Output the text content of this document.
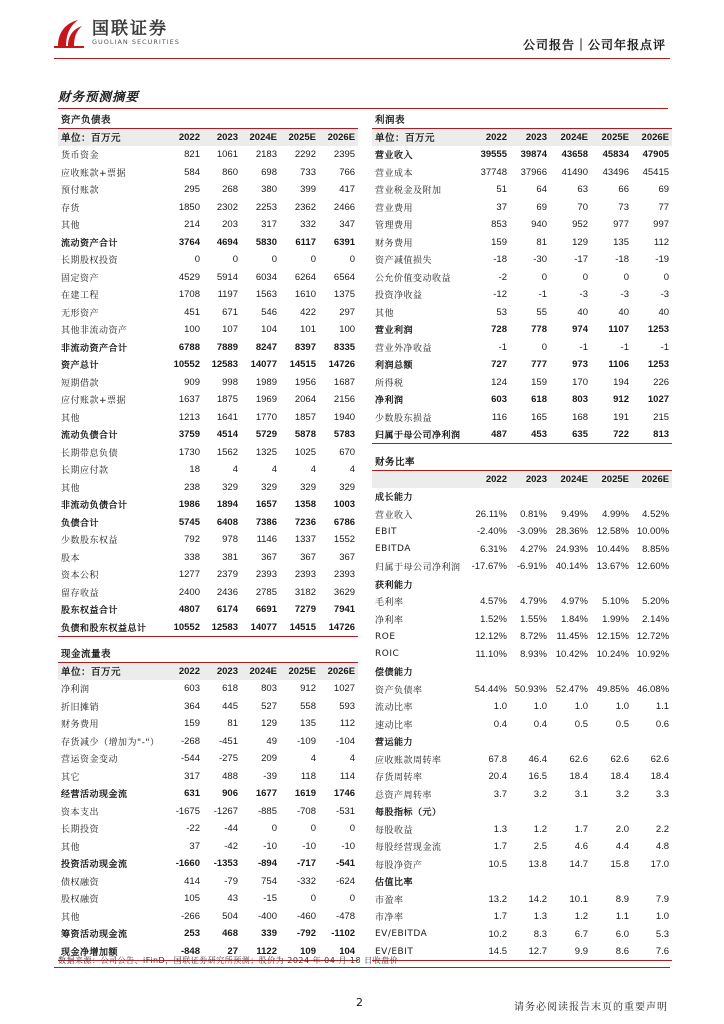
国联证券
GUOLIAN SECURITIES	公司报告｜公司年报点评
财务预测摘要
资产负债表					
单位：百万元	2022	2023	2024E	2025E	2026E
货币资金	821	1061	2183	2292	2395
应收账款+票据	584	860	698	733	766
预付账款	295	268	380	399	417
存货	1850	2302	2253	2362	2466
其他	214	203	317	332	347
流动资产合计	3764	4694	5830	6117	6391
长期股权投资	0	0	0	0	0
固定资产	4529	5914	6034	6264	6564
在建工程	1708	1197	1563	1610	1375
无形资产	451	671	546	422	297
其他非流动资产	100	107	104	101	100
非流动资产合计	6788	7889	8247	8397	8335
资产总计	10552	12583	14077	14515	14726
短期借款	909	998	1989	1956	1687
应付账款+票据	1637	1875	1969	2064	2156
其他	1213	1641	1770	1857	1940
流动负债合计	3759	4514	5729	5878	5783
长期带息负债	1730	1562	1325	1025	670
长期应付款	18	4	4	4	4
其他	238	329	329	329	329
非流动负债合计	1986	1894	1657	1358	1003
负债合计	5745	6408	7386	7236	6786
少数股东权益	792	978	1146	1337	1552
股本	338	381	367	367	367
资本公积	1277	2379	2393	2393	2393
留存收益	2400	2436	2785	3182	3629
股东权益合计	4807	6174	6691	7279	7941
负债和股东权益总计	10552	12583	14077	14515	14726
现金流量表					
单位：百万元	2022	2023	2024E	2025E	2026E
净利润	603	618	803	912	1027
折旧摊销	364	445	527	558	593
财务费用	159	81	129	135	112
存货减少（增加为"-"）	-268	-451	49	-109	-104
营运资金变动	-544	-275	209	4	4
其它	317	488	-39	118	114
经营活动现金流	631	906	1677	1619	1746
资本支出	-1675	-1267	-885	-708	-531
长期投资	-22	-44	0	0	0
其他	37	-42	-10	-10	-10
投资活动现金流	-1660	-1353	-894	-717	-541
债权融资	414	-79	754	-332	-624
股权融资	105	43	-15	0	0
其他	-266	504	-400	-460	-478
筹资活动现金流	253	468	339	-792	-1102
现金净增加额	-848	27	1122	109	104
利润表					
单位：百万元	2022	2023	2024E	2025E	2026E
营业收入	39555	39874	43658	45834	47905
营业成本	37748	37966	41490	43496	45415
营业税金及附加	51	64	63	66	69
营业费用	37	69	70	73	77
管理费用	853	940	952	977	997
财务费用	159	81	129	135	112
资产减值损失	-18	-30	-17	-18	-19
公允价值变动收益	-2	0	0	0	0
投资净收益	-12	-1	-3	-3	-3
其他	53	55	40	40	40
营业利润	728	778	974	1107	1253
营业外净收益	-1	0	-1	-1	-1
利润总额	727	777	973	1106	1253
所得税	124	159	170	194	226
净利润	603	618	803	912	1027
少数股东损益	116	165	168	191	215
归属于母公司净利润	487	453	635	722	813
财务比率					
	2022	2023	2024E	2025E	2026E
成长能力					
营业收入	26.11%	0.81%	9.49%	4.99%	4.52%
EBIT	-2.40%	-3.09%	28.36%	12.58%	10.00%
EBITDA	6.31%	4.27%	24.93%	10.44%	8.85%
归属于母公司净利润	-17.67%	-6.91%	40.14%	13.67%	12.60%
获利能力					
毛利率	4.57%	4.79%	4.97%	5.10%	5.20%
净利率	1.52%	1.55%	1.84%	1.99%	2.14%
ROE	12.12%	8.72%	11.45%	12.15%	12.72%
ROIC	11.10%	8.93%	10.42%	10.24%	10.92%
偿债能力					
资产负债率	54.44%	50.93%	52.47%	49.85%	46.08%
流动比率	1.0	1.0	1.0	1.0	1.1
速动比率	0.4	0.4	0.5	0.5	0.6
营运能力					
应收账款周转率	67.8	46.4	62.6	62.6	62.6
存货周转率	20.4	16.5	18.4	18.4	18.4
总资产周转率	3.7	3.2	3.1	3.2	3.3
每股指标（元）					
每股收益	1.3	1.2	1.7	2.0	2.2
每股经营现金流	1.7	2.5	4.6	4.4	4.8
每股净资产	10.5	13.8	14.7	15.8	17.0
估值比率					
市盈率	13.2	14.2	10.1	8.9	7.9
市净率	1.7	1.3	1.2	1.1	1.0
EV/EBITDA	10.2	8.3	6.7	6.0	5.3
EV/EBIT	14.5	12.7	9.9	8.6	7.6
数据来源：公司公告、iFinD，国联证券研究所预测；股价为 2024 年 04 月 18 日收盘价
2	请务必阅读报告末页的重要声明
